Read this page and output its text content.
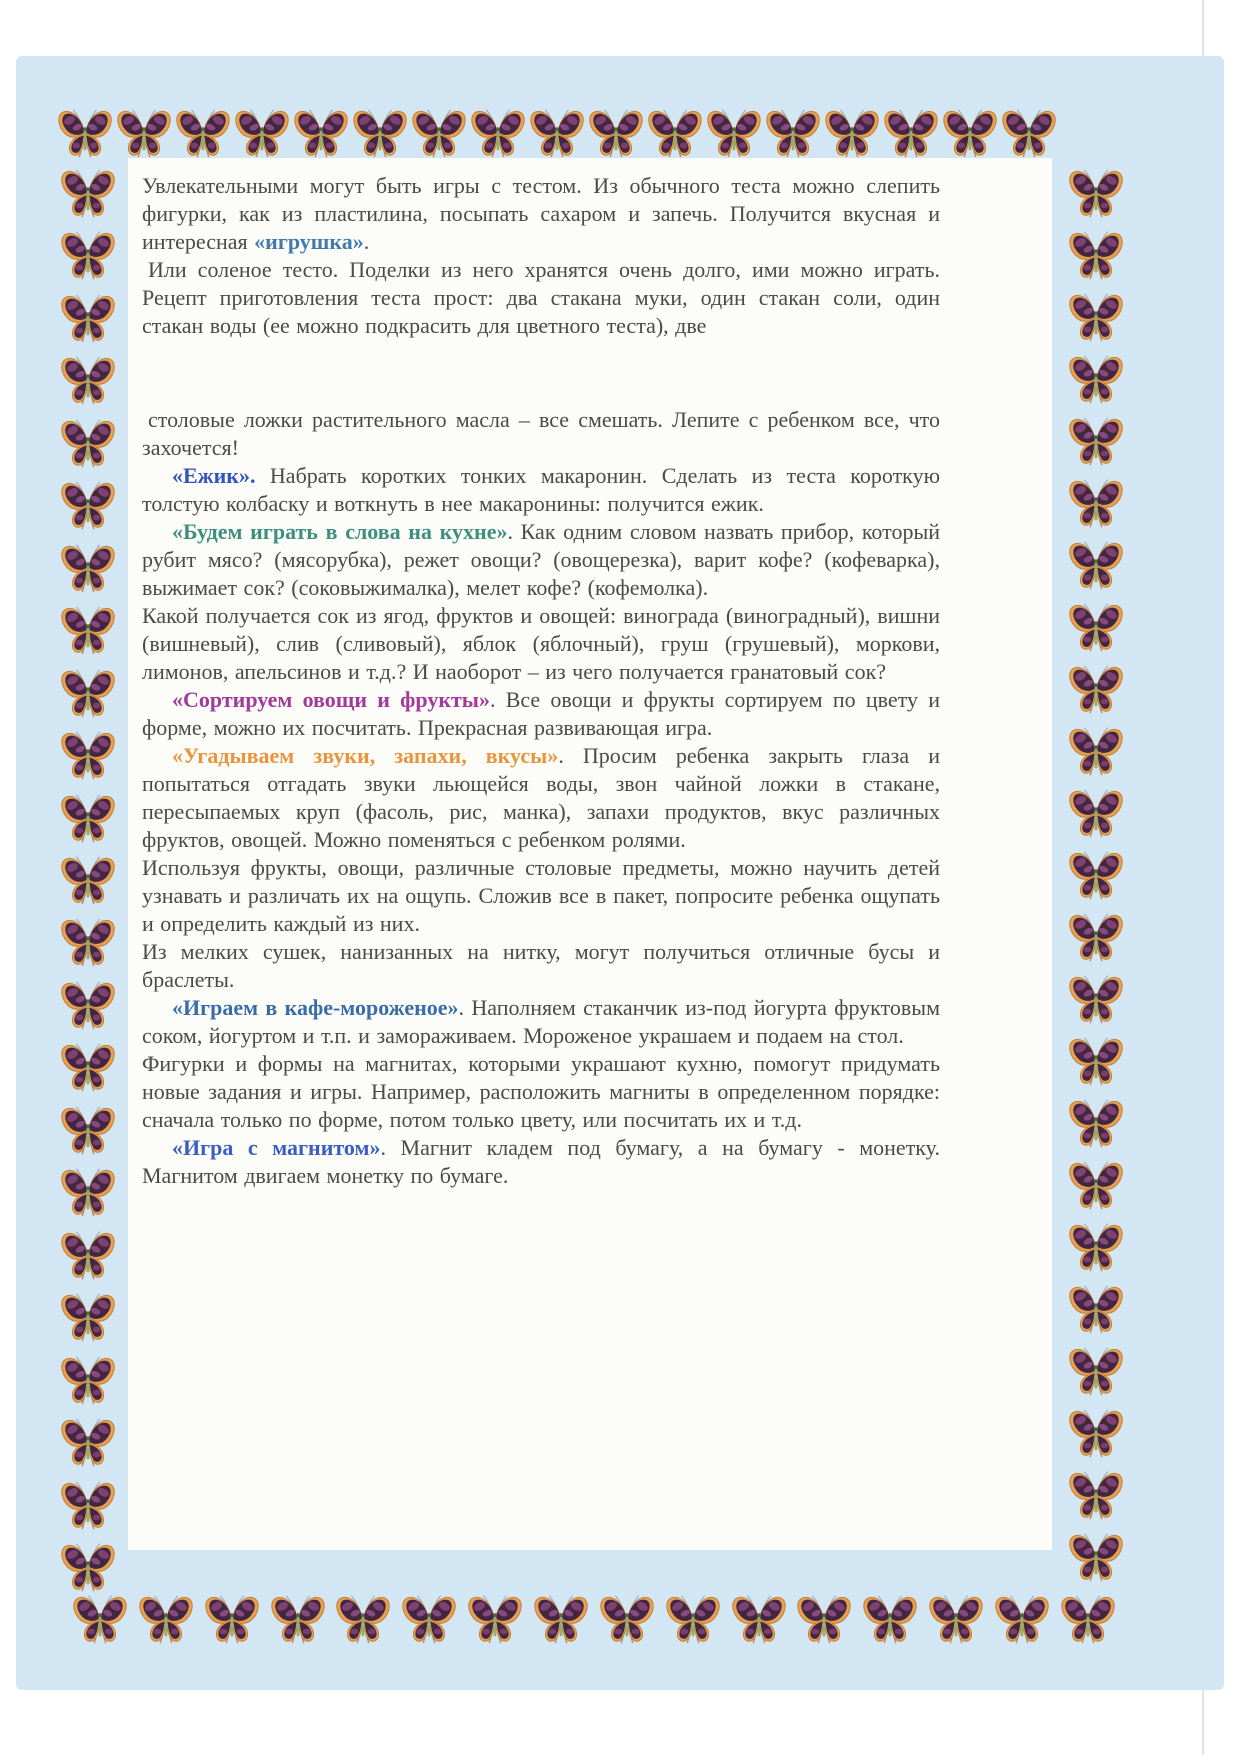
Увлекательными могут быть игры с тестом. Из обычного теста можно слепить фигурки, как из пластилина, посыпать сахаром и запечь. Получится вкусная и интересная «игрушка».

Или соленое тесто. Поделки из него хранятся очень долго, ими можно играть. Рецепт приготовления теста прост: два стакана муки, один стакан соли, один стакан воды (ее можно подкрасить для цветного теста), две

столовые ложки растительного масла – все смешать. Лепите с ребенком все, что захочется!

«Ежик». Набрать коротких тонких макаронин. Сделать из теста короткую толстую колбаску и воткнуть в нее макаронины: получится ежик.

«Будем играть в слова на кухне». Как одним словом назвать прибор, который рубит мясо? (мясорубка), режет овощи? (овощерезка), варит кофе? (кофеварка), выжимает сок? (соковыжималка), мелет кофе? (кофемолка).

Какой получается сок из ягод, фруктов и овощей: винограда (виноградный), вишни (вишневый), слив (сливовый), яблок (яблочный), груш (грушевый), моркови, лимонов, апельсинов и т.д.? И наоборот – из чего получается гранатовый сок?

«Сортируем овощи и фрукты». Все овощи и фрукты сортируем по цвету и форме, можно их посчитать. Прекрасная развивающая игра.

«Угадываем звуки, запахи, вкусы». Просим ребенка закрыть глаза и попытаться отгадать звуки льющейся воды, звон чайной ложки в стакане, пересыпаемых круп (фасоль, рис, манка), запахи продуктов, вкус различных фруктов, овощей. Можно поменяться с ребенком ролями.

Используя фрукты, овощи, различные столовые предметы, можно научить детей узнавать и различать их на ощупь. Сложив все в пакет, попросите ребенка ощупать и определить каждый из них.

Из мелких сушек, нанизанных на нитку, могут получиться отличные бусы и браслеты.

«Играем в кафе-мороженое». Наполняем стаканчик из-под йогурта фруктовым соком, йогуртом и т.п. и замораживаем. Мороженое украшаем и подаем на стол.

Фигурки и формы на магнитах, которыми украшают кухню, помогут придумать новые задания и игры. Например, расположить магниты в определенном порядке: сначала только по форме, потом только цвету, или посчитать их и т.д.

«Игра с магнитом». Магнит кладем под бумагу, а на бумагу - монетку. Магнитом двигаем монетку по бумаге.
